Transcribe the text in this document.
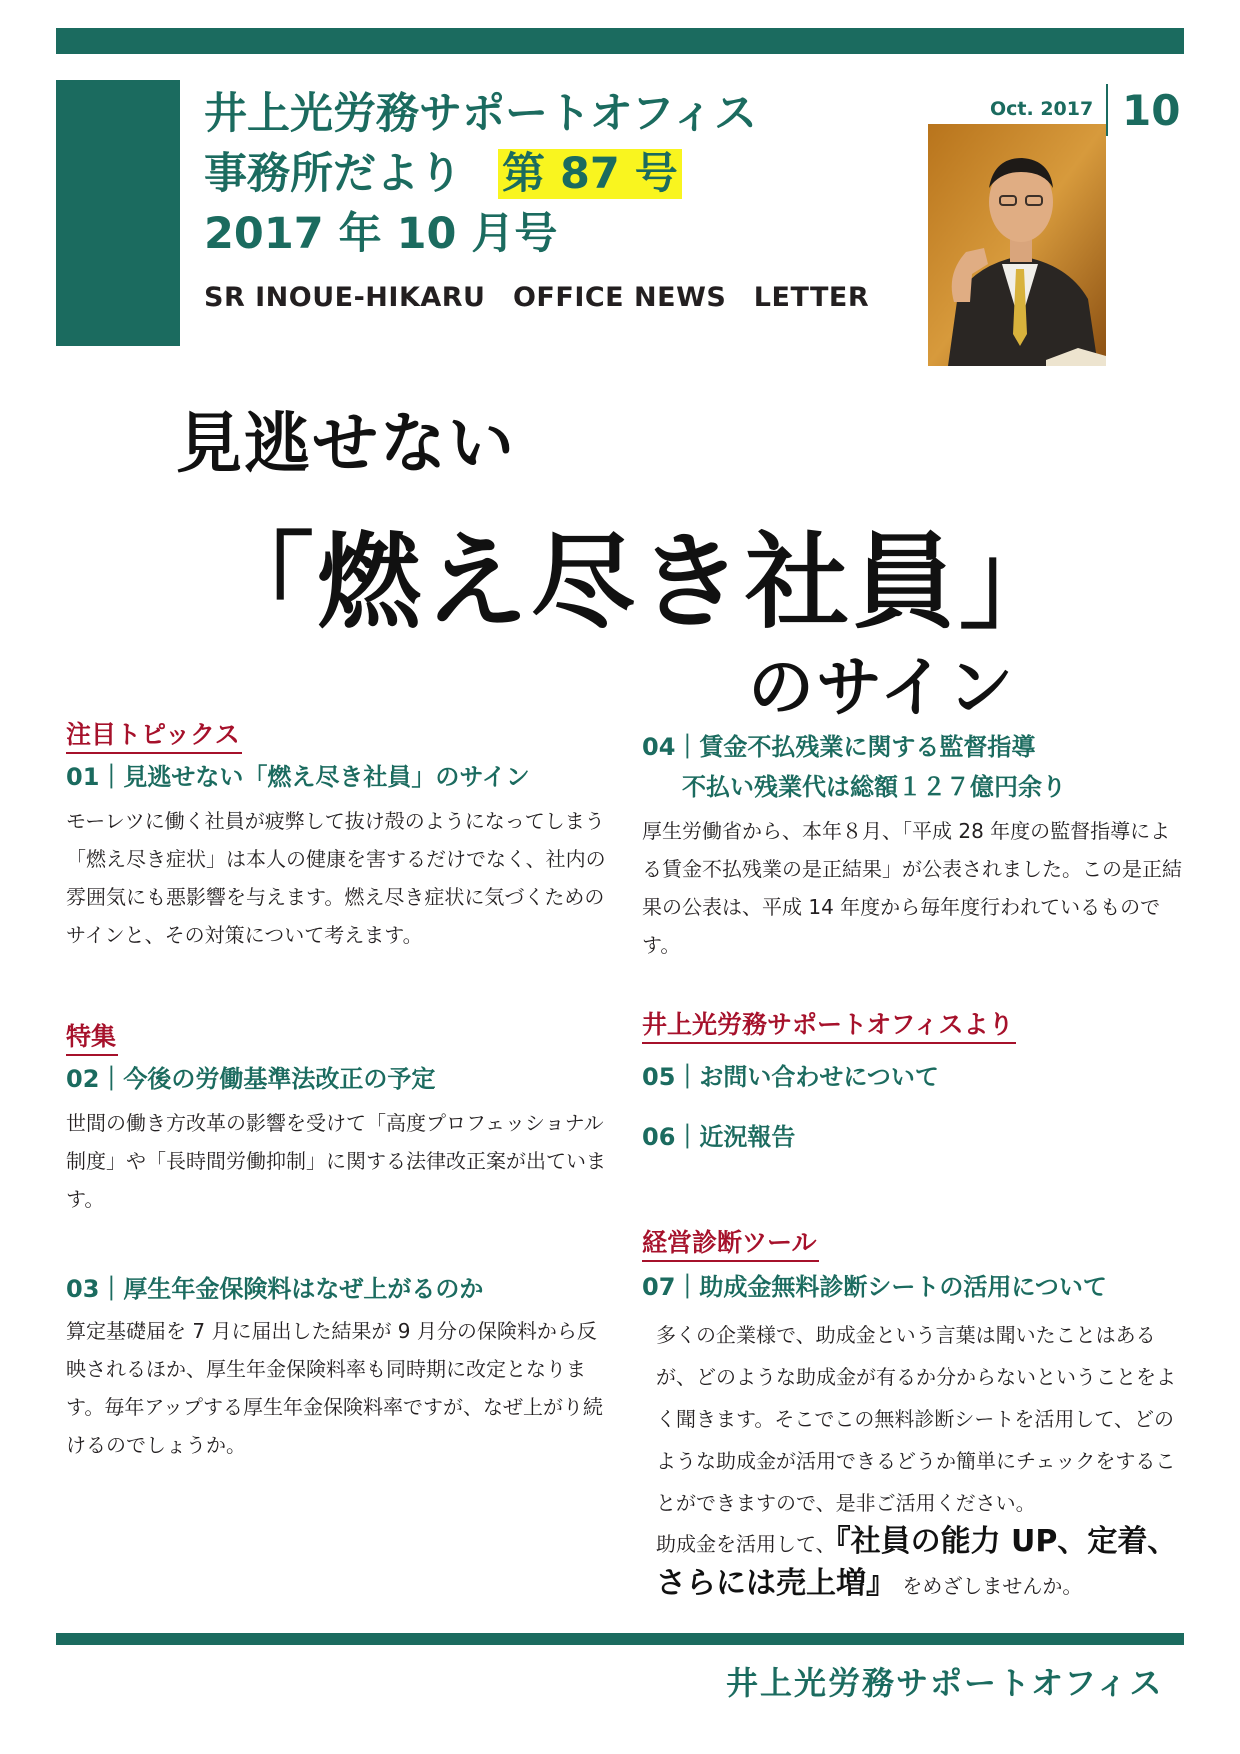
井上光労務サポートオフィス
事務所だより 第 87 号
2017 年 10 月号
SR INOUE-HIKARU　OFFICE NEWS　LETTER
Oct. 2017 10
見逃せない
「燃え尽き社員」
のサイン
注目トピックス
01｜見逃せない「燃え尽き社員」のサイン
モーレツに働く社員が疲弊して抜け殻のようになってしまう「燃え尽き症状」は本人の健康を害するだけでなく、社内の雰囲気にも悪影響を与えます。燃え尽き症状に気づくためのサインと、その対策について考えます。
特集
02｜今後の労働基準法改正の予定
世間の働き方改革の影響を受けて「高度プロフェッショナル制度」や「長時間労働抑制」に関する法律改正案が出ています。
03｜厚生年金保険料はなぜ上がるのか
算定基礎届を 7 月に届出した結果が 9 月分の保険料から反映されるほか、厚生年金保険料率も同時期に改定となります。毎年アップする厚生年金保険料率ですが、なぜ上がり続けるのでしょうか。
04｜賃金不払残業に関する監督指導
不払い残業代は総額１２７億円余り
厚生労働省から、本年８月、「平成 28 年度の監督指導による賃金不払残業の是正結果」が公表されました。この是正結果の公表は、平成 14 年度から毎年度行われているものです。
井上光労務サポートオフィスより
05｜お問い合わせについて
06｜近況報告
経営診断ツール
07｜助成金無料診断シートの活用について
多くの企業様で、助成金という言葉は聞いたことはあるが、どのような助成金が有るか分からないということをよく聞きます。そこでこの無料診断シートを活用して、どのような助成金が活用できるどうか簡単にチェックをすることができますので、是非ご活用ください。
助成金を活用して、『社員の能力 UP、定着、
さらには売上増』 をめざしませんか。
井上光労務サポートオフィス
